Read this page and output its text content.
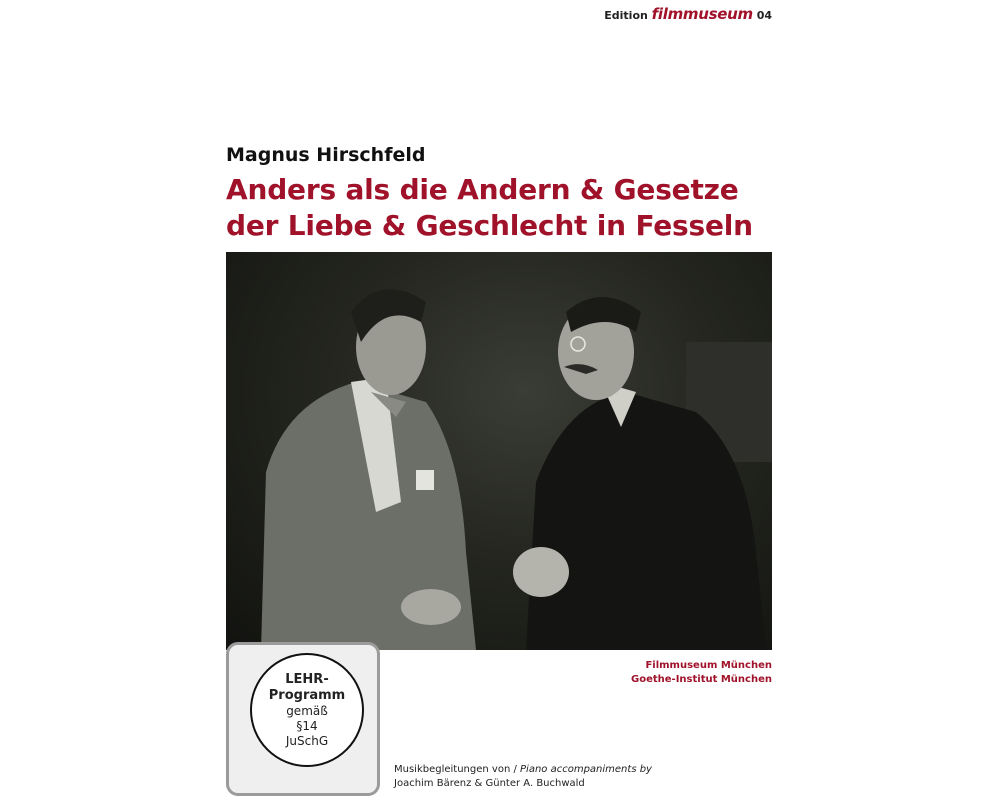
Edition filmmuseum 04
Magnus Hirschfeld
Anders als die Andern & Gesetze
der Liebe & Geschlecht in Fesseln
LEHR-
Programm
gemäß
§14
JuSchG
Filmmuseum München
Goethe-Institut München
Musikbegleitungen von / Piano accompaniments by
Joachim Bärenz & Günter A. Buchwald
